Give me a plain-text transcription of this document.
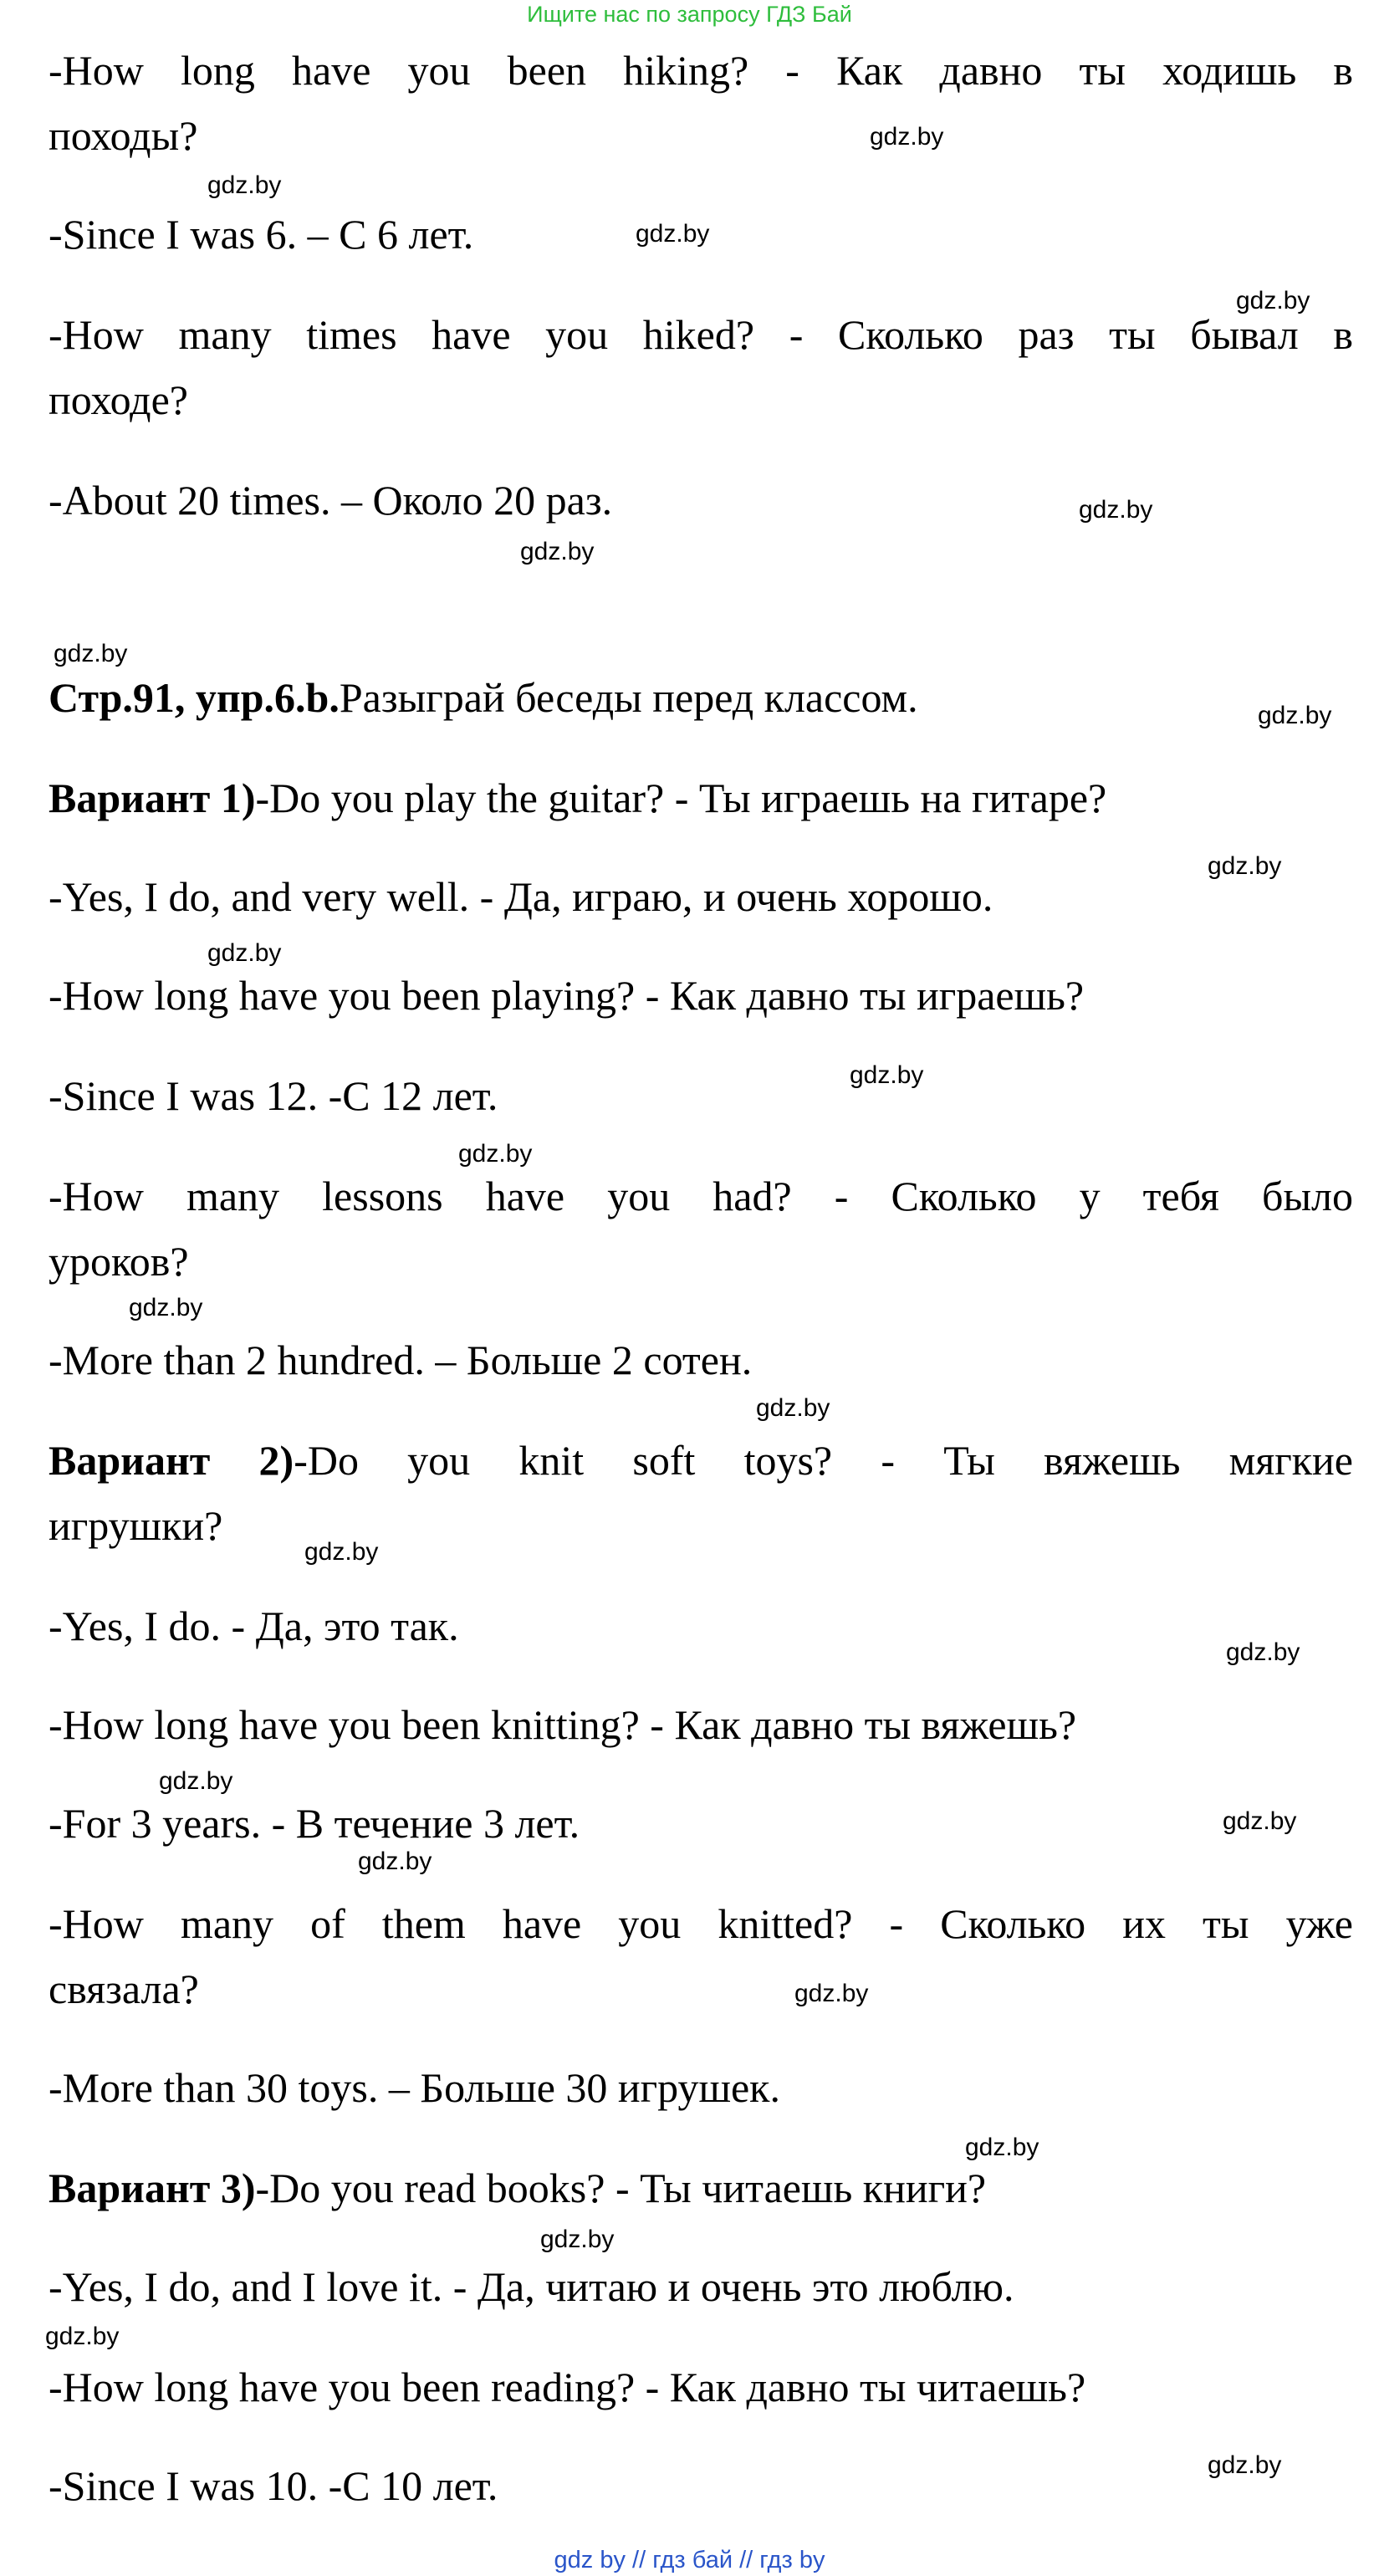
Ищите нас по запросу ГДЗ Бай
-How long have you been hiking? - Как давно ты ходишь в
походы?
-Since I was 6. – С 6 лет.
-How many times have you hiked? - Сколько раз ты бывал в
походе?
-About 20 times. – Около 20 раз.
Стр.91, упр.6.b.Разыграй беседы перед классом.
Вариант 1)-Do you play the guitar? - Ты играешь на гитаре?
-Yes, I do, and very well. - Да, играю, и очень хорошо.
-How long have you been playing? - Как давно ты играешь?
-Since I was 12. -С 12 лет.
-How many lessons have you had? - Сколько у тебя было
уроков?
-More than 2 hundred. – Больше 2 сотен.
Вариант 2)-Do you knit soft toys? - Ты вяжешь мягкие
игрушки?
-Yes, I do. - Да, это так.
-How long have you been knitting? - Как давно ты вяжешь?
-For 3 years. - В течение 3 лет.
-How many of them have you knitted? - Сколько их ты уже
связала?
-More than 30 toys. – Больше 30 игрушек.
Вариант 3)-Do you read books? - Ты читаешь книги?
-Yes, I do, and I love it. - Да, читаю и очень это люблю.
-How long have you been reading? - Как давно ты читаешь?
-Since I was 10. -С 10 лет.
gdz.by
gdz.by
gdz.by
gdz.by
gdz.by
gdz.by
gdz.by
gdz.by
gdz.by
gdz.by
gdz.by
gdz.by
gdz.by
gdz.by
gdz.by
gdz.by
gdz.by
gdz.by
gdz.by
gdz.by
gdz.by
gdz.by
gdz.by
gdz.by
gdz by // гдз бай // гдз by
